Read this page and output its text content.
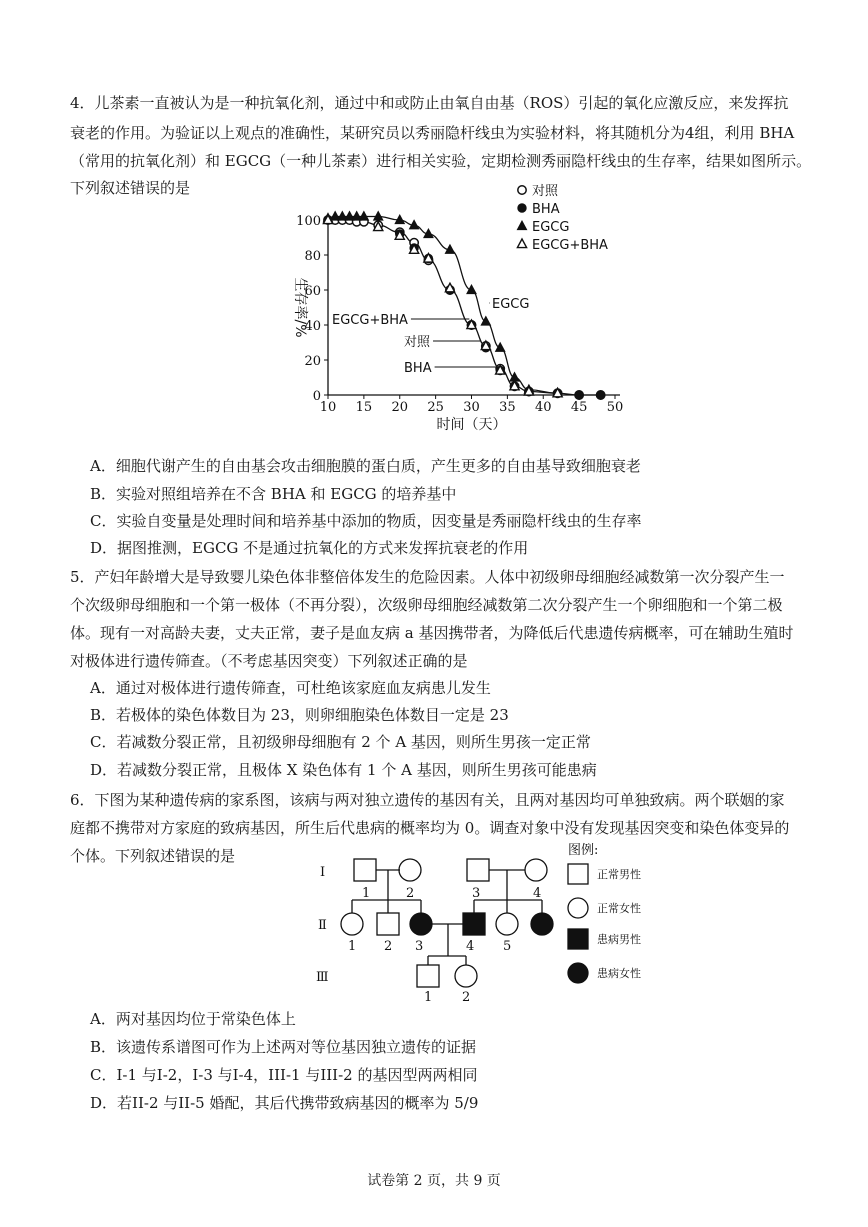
4．儿茶素一直被认为是一种抗氧化剂，通过中和或防止由氧自由基（ROS）引起的氧化应激反应，来发挥抗
衰老的作用。为验证以上观点的准确性，某研究员以秀丽隐杆线虫为实验材料，将其随机分为4组，利用 BHA
（常用的抗氧化剂）和 EGCG（一种儿茶素）进行相关实验，定期检测秀丽隐杆线虫的生存率，结果如图所示。
下列叙述错误的是
10 15 20 25 30 35 40 45 50
0
20
40
60
80
100
时间（天）
生存率/%	EGCG
EGCG+BHA
对照
BHA
对照
BHA
EGCG
EGCG+BHA
A．细胞代谢产生的自由基会攻击细胞膜的蛋白质，产生更多的自由基导致细胞衰老
B．实验对照组培养在不含 BHA 和 EGCG 的培养基中
C．实验自变量是处理时间和培养基中添加的物质，因变量是秀丽隐杆线虫的生存率
D．据图推测，EGCG 不是通过抗氧化的方式来发挥抗衰老的作用
5．产妇年龄增大是导致婴儿染色体非整倍体发生的危险因素。人体中初级卵母细胞经减数第一次分裂产生一
个次级卵母细胞和一个第一极体（不再分裂），次级卵母细胞经减数第二次分裂产生一个卵细胞和一个第二极
体。现有一对高龄夫妻，丈夫正常，妻子是血友病 a 基因携带者，为降低后代患遗传病概率，可在辅助生殖时
对极体进行遗传筛查。（不考虑基因突变）下列叙述正确的是
A．通过对极体进行遗传筛查，可杜绝该家庭血友病患儿发生
B．若极体的染色体数目为 23，则卵细胞染色体数目一定是 23
C．若减数分裂正常，且初级卵母细胞有 2 个 A 基因，则所生男孩一定正常
D．若减数分裂正常，且极体 X 染色体有 1 个 A 基因，则所生男孩可能患病
6．下图为某种遗传病的家系图，该病与两对独立遗传的基因有关，且两对基因均可单独致病。两个联姻的家
庭都不携带对方家庭的致病基因，所生后代患病的概率均为 0。调查对象中没有发现基因突变和染色体变异的
个体。下列叙述错误的是
I
Ⅱ
Ⅲ
1	2	3	4
1 2 3	4 5
1 2
图例:
正常男性
正常女性
患病男性
患病女性
A．两对基因均位于常染色体上
B．该遗传系谱图可作为上述两对等位基因独立遗传的证据
C．I-1 与I-2，I-3 与I-4，III-1 与III-2 的基因型两两相同
D．若II-2 与II-5 婚配，其后代携带致病基因的概率为 5/9
试卷第 2 页，共 9 页
